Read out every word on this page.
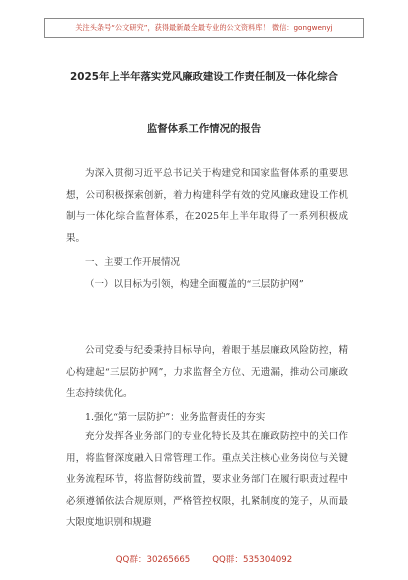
关注头条号“公文研究”，获得最新最全最专业的公文资料库！ 微信：gongwenyj
2025年上半年落实党风廉政建设工作责任制及一体化综合
监督体系工作情况的报告
为深入贯彻习近平总书记关于构建党和国家监督体系的重要思想，公司积极探索创新，着力构建科学有效的党风廉政建设工作机制与一体化综合监督体系，在2025年上半年取得了一系列积极成果。
一、主要工作开展情况
（一）以目标为引领，构建全面覆盖的“三层防护网”
公司党委与纪委秉持目标导向，着眼于基层廉政风险防控，精心构建起“三层防护网”，力求监督全方位、无遗漏，推动公司廉政生态持续优化。
1.强化“第一层防护”：业务监督责任的夯实
充分发挥各业务部门的专业化特长及其在廉政防控中的关口作用，将监督深度融入日常管理工作。重点关注核心业务岗位与关键业务流程环节，将监督防线前置，要求业务部门在履行职责过程中必须遵循依法合规原则，严格管控权限，扎紧制度的笼子，从而最大限度地识别和规避
QQ群：30265665	QQ群：535304092
